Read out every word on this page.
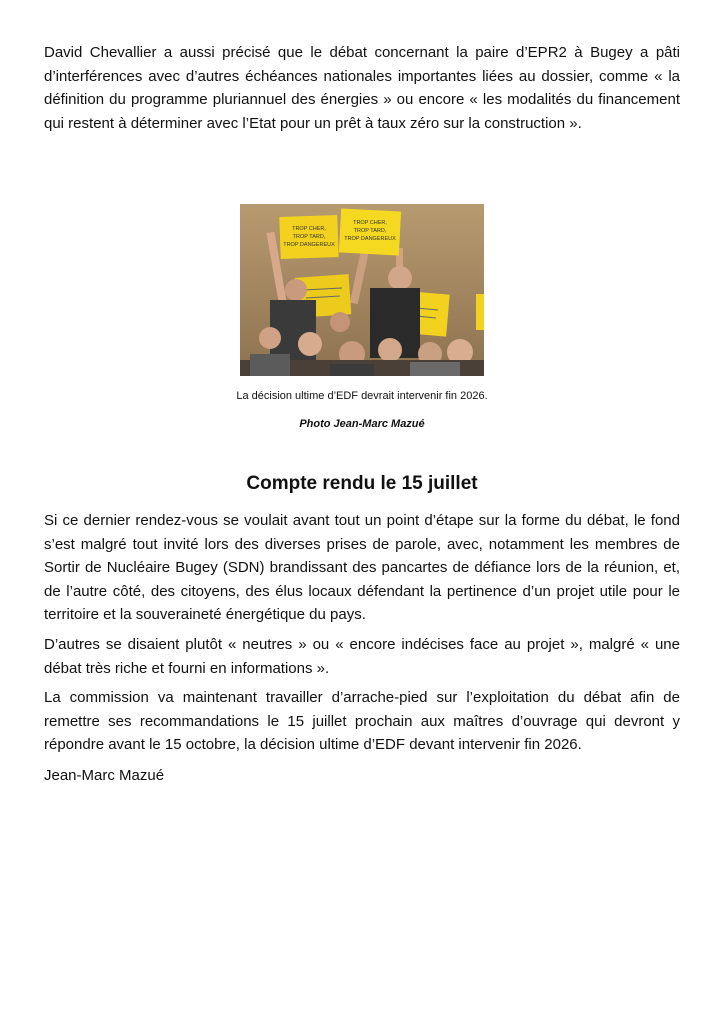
David Chevallier a aussi précisé que le débat concernant la paire d’EPR2 à Bugey a pâti d’interférences avec d’autres échéances nationales importantes liées au dossier, comme « la définition du programme pluriannuel des énergies » ou encore « les modalités du financement qui restent à déterminer avec l’Etat pour un prêt à taux zéro sur la construction ».

TROP CHER,
TROP TARD,
TROP DANGEREUX
TROP CHER,
TROP TARD,
TROP DANGEREUX

La décision ultime d’EDF devrait intervenir fin 2026.

Photo Jean-Marc Mazué

Compte rendu le 15 juillet

Si ce dernier rendez-vous se voulait avant tout un point d’étape sur la forme du débat, le fond s’est malgré tout invité lors des diverses prises de parole, avec, notamment les membres de Sortir de Nucléaire Bugey (SDN) brandissant des pancartes de défiance lors de la réunion, et, de l’autre côté, des citoyens, des élus locaux défendant la pertinence d’un projet utile pour le territoire et la souveraineté énergétique du pays.

D’autres se disaient plutôt « neutres » ou « encore indécises face au projet », malgré « une débat très riche et fourni en informations ».

La commission va maintenant travailler d’arrache-pied sur l’exploitation du débat afin de remettre ses recommandations le 15 juillet prochain aux maîtres d’ouvrage qui devront y répondre avant le 15 octobre, la décision ultime d’EDF devant intervenir fin 2026.

Jean-Marc Mazué
